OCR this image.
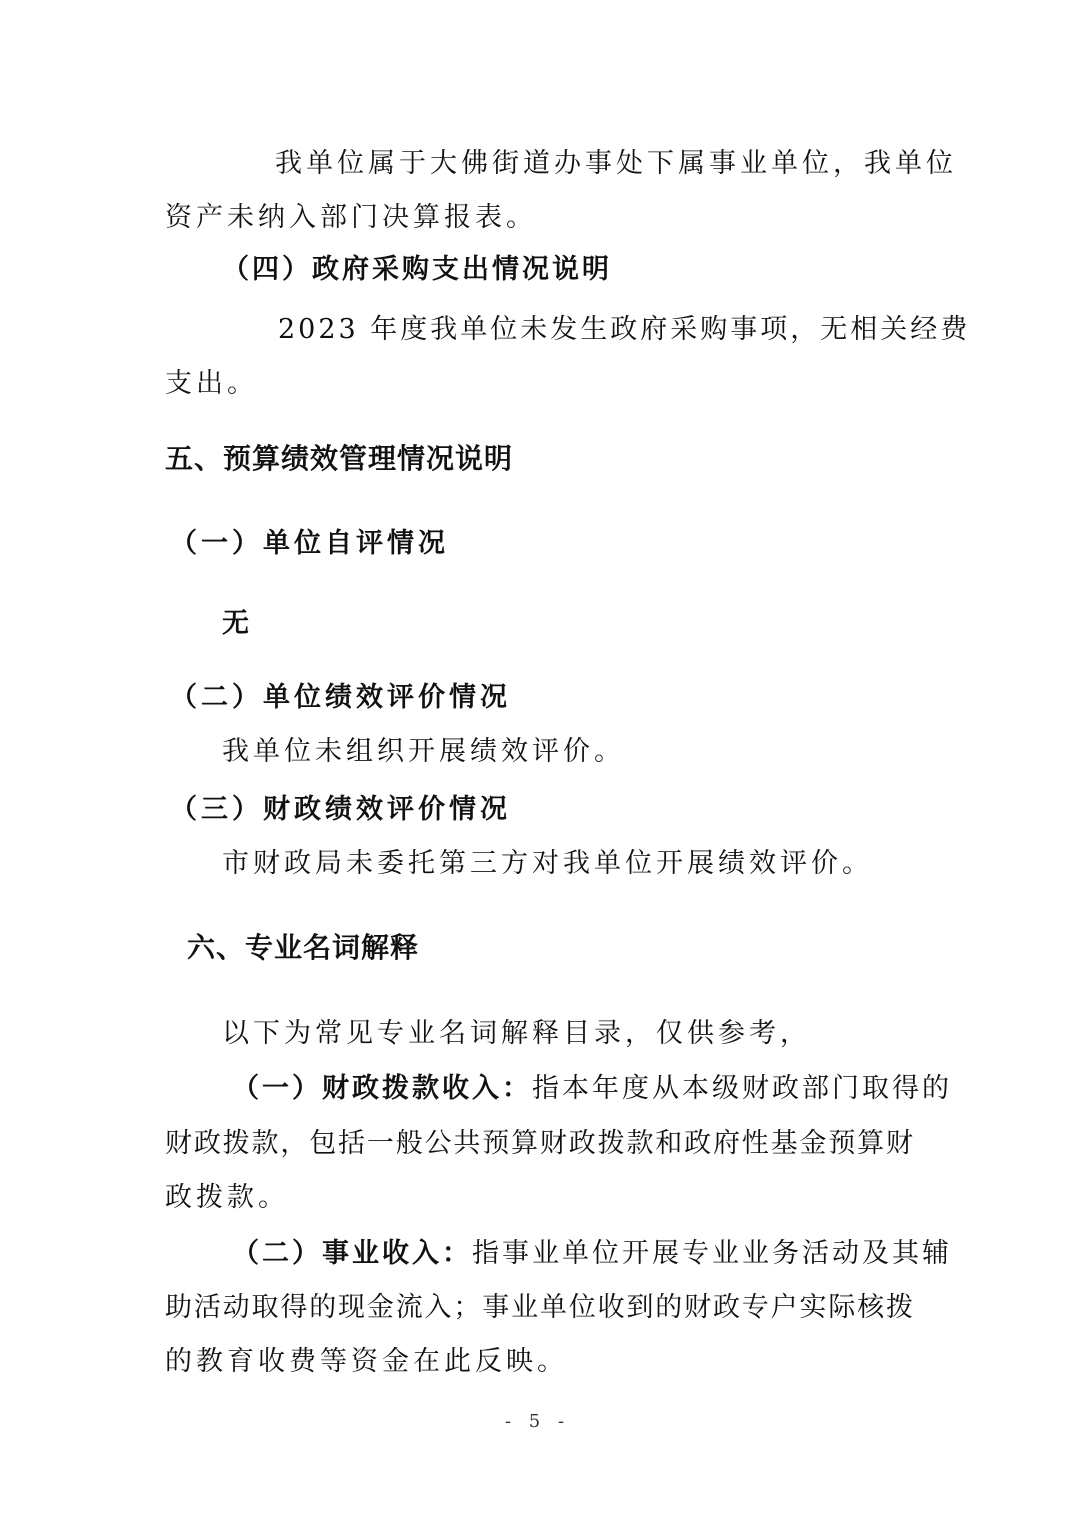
我单位属于大佛街道办事处下属事业单位，我单位

资产未纳入部门决算报表。

（四）政府采购支出情况说明

2023 年度我单位未发生政府采购事项，无相关经费

支出。

五、预算绩效管理情况说明

（一）单位自评情况

无

（二）单位绩效评价情况

我单位未组织开展绩效评价。

（三）财政绩效评价情况

市财政局未委托第三方对我单位开展绩效评价。

六、专业名词解释

以下为常见专业名词解释目录，仅供参考，

（一）财政拨款收入：指本年度从本级财政部门取得的

财政拨款，包括一般公共预算财政拨款和政府性基金预算财

政拨款。

（二）事业收入：指事业单位开展专业业务活动及其辅

助活动取得的现金流入；事业单位收到的财政专户实际核拨

的教育收费等资金在此反映。

- 5 -
